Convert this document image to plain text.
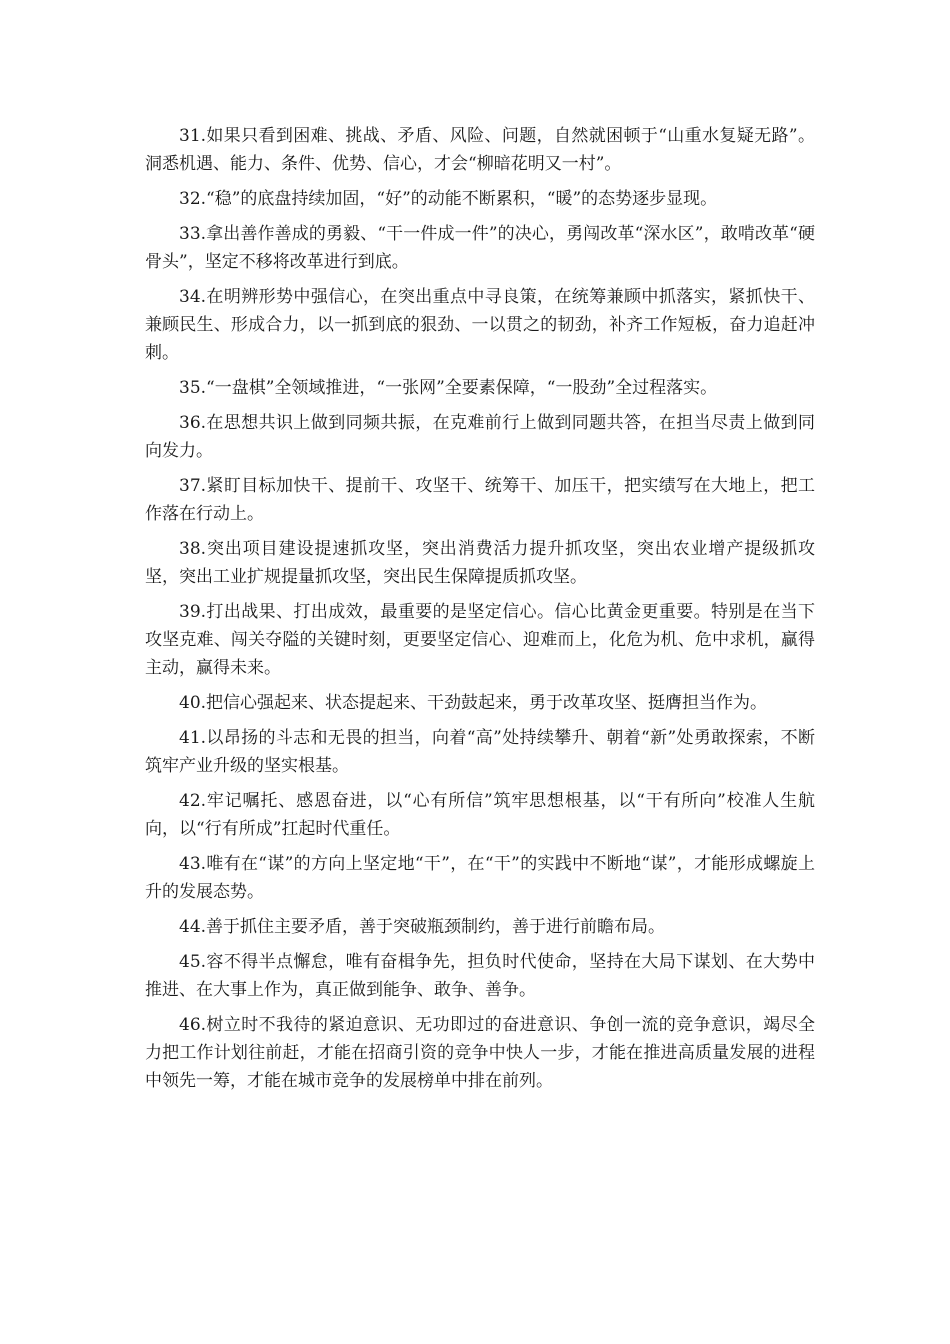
31.如果只看到困难、挑战、矛盾、风险、问题，自然就困顿于“山重水复疑无路”。洞悉机遇、能力、条件、优势、信心，才会“柳暗花明又一村”。

32.“稳”的底盘持续加固，“好”的动能不断累积，“暖”的态势逐步显现。

33.拿出善作善成的勇毅、“干一件成一件”的决心，勇闯改革“深水区”，敢啃改革“硬骨头”，坚定不移将改革进行到底。

34.在明辨形势中强信心，在突出重点中寻良策，在统筹兼顾中抓落实，紧抓快干、兼顾民生、形成合力，以一抓到底的狠劲、一以贯之的韧劲，补齐工作短板，奋力追赶冲刺。

35.“一盘棋”全领域推进，“一张网”全要素保障，“一股劲”全过程落实。

36.在思想共识上做到同频共振，在克难前行上做到同题共答，在担当尽责上做到同向发力。

37.紧盯目标加快干、提前干、攻坚干、统筹干、加压干，把实绩写在大地上，把工作落在行动上。

38.突出项目建设提速抓攻坚，突出消费活力提升抓攻坚，突出农业增产提级抓攻坚，突出工业扩规提量抓攻坚，突出民生保障提质抓攻坚。

39.打出战果、打出成效，最重要的是坚定信心。信心比黄金更重要。特别是在当下攻坚克难、闯关夺隘的关键时刻，更要坚定信心、迎难而上，化危为机、危中求机，赢得主动，赢得未来。

40.把信心强起来、状态提起来、干劲鼓起来，勇于改革攻坚、挺膺担当作为。

41.以昂扬的斗志和无畏的担当，向着“高”处持续攀升、朝着“新”处勇敢探索，不断筑牢产业升级的坚实根基。

42.牢记嘱托、感恩奋进，以“心有所信”筑牢思想根基，以“干有所向”校准人生航向，以“行有所成”扛起时代重任。

43.唯有在“谋”的方向上坚定地“干”，在“干”的实践中不断地“谋”，才能形成螺旋上升的发展态势。

44.善于抓住主要矛盾，善于突破瓶颈制约，善于进行前瞻布局。

45.容不得半点懈怠，唯有奋楫争先，担负时代使命，坚持在大局下谋划、在大势中推进、在大事上作为，真正做到能争、敢争、善争。

46.树立时不我待的紧迫意识、无功即过的奋进意识、争创一流的竞争意识，竭尽全力把工作计划往前赶，才能在招商引资的竞争中快人一步，才能在推进高质量发展的进程中领先一筹，才能在城市竞争的发展榜单中排在前列。
